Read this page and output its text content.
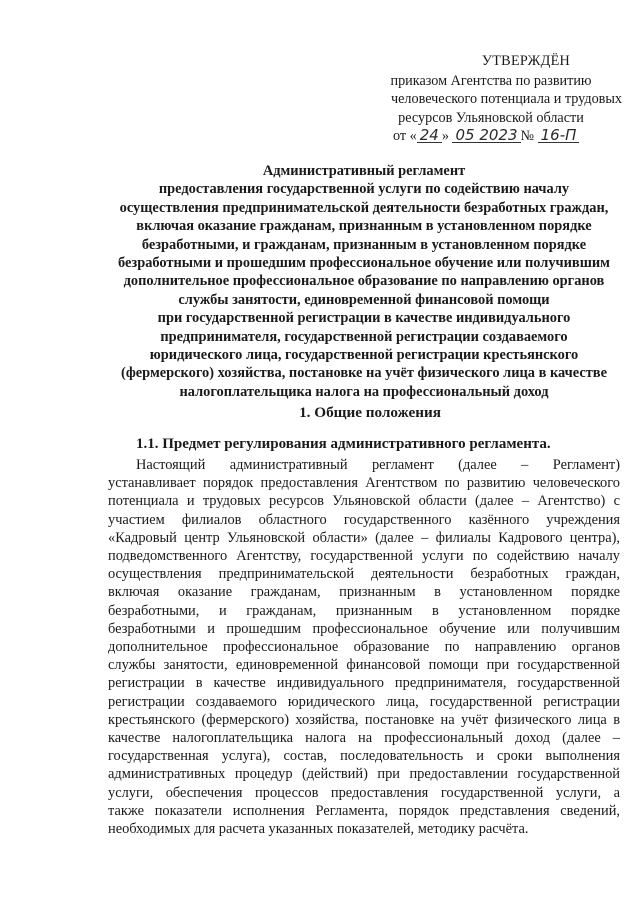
УТВЕРЖДЁН
приказом Агентства по развитию
человеческого потенциала и трудовых
ресурсов Ульяновской области
от « 24 » 05 2023 № 16-П
Административный регламент
предоставления государственной услуги по содействию началу
осуществления предпринимательской деятельности безработных граждан,
включая оказание гражданам, признанным в установленном порядке
безработными, и гражданам, признанным в установленном порядке
безработными и прошедшим профессиональное обучение или получившим
дополнительное профессиональное образование по направлению органов
службы занятости, единовременной финансовой помощи
при государственной регистрации в качестве индивидуального
предпринимателя, государственной регистрации создаваемого
юридического лица, государственной регистрации крестьянского
(фермерского) хозяйства, постановке на учёт физического лица в качестве
налогоплательщика налога на профессиональный доход
1. Общие положения
1.1. Предмет регулирования административного регламента.
Настоящий административный регламент (далее – Регламент)
устанавливает порядок предоставления Агентством по развитию человеческого
потенциала и трудовых ресурсов Ульяновской области (далее – Агентство) с
участием филиалов областного государственного казённого учреждения
«Кадровый центр Ульяновской области» (далее – филиалы Кадрового центра),
подведомственного Агентству, государственной услуги по содействию началу
осуществления предпринимательской деятельности безработных граждан,
включая оказание гражданам, признанным в установленном порядке
безработными, и гражданам, признанным в установленном порядке
безработными и прошедшим профессиональное обучение или получившим
дополнительное профессиональное образование по направлению органов
службы занятости, единовременной финансовой помощи при государственной
регистрации в качестве индивидуального предпринимателя, государственной
регистрации создаваемого юридического лица, государственной регистрации
крестьянского (фермерского) хозяйства, постановке на учёт физического лица в
качестве налогоплательщика налога на профессиональный доход (далее –
государственная услуга), состав, последовательность и сроки выполнения
административных процедур (действий) при предоставлении государственной
услуги, обеспечения процессов предоставления государственной услуги, а
также показатели исполнения Регламента, порядок представления сведений,
необходимых для расчета указанных показателей, методику расчёта.
